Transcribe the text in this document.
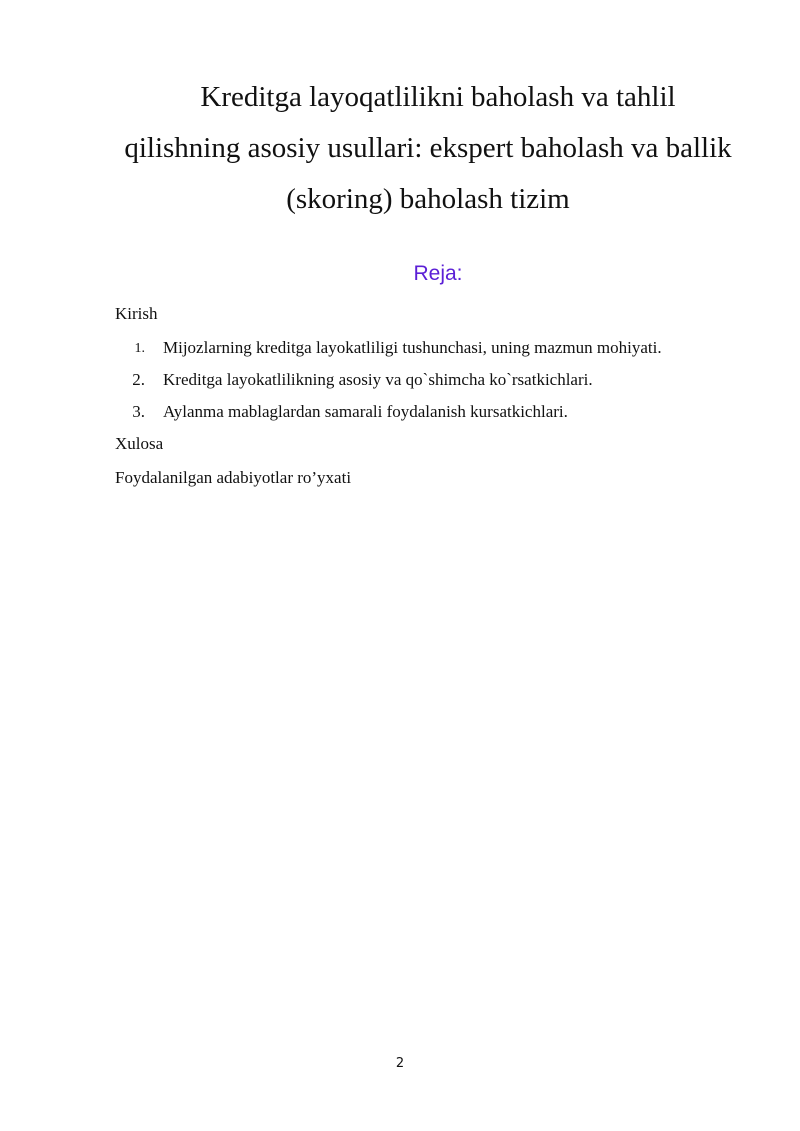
Kreditga layoqatlilikni baholash va tahlil
qilishning asosiy usullari: ekspert baholash va ballik
(skoring) baholash tizim
Reja:
Kirish
1. Mijozlarning kreditga layokatliligi tushunchasi, uning mazmun mohiyati.
2. Kreditga layokatlilikning asosiy va qo`shimcha ko`rsatkichlari.
3. Aylanma mablaglardan samarali foydalanish kursatkichlari.
Xulosa
Foydalanilgan adabiyotlar ro’yxati
2
